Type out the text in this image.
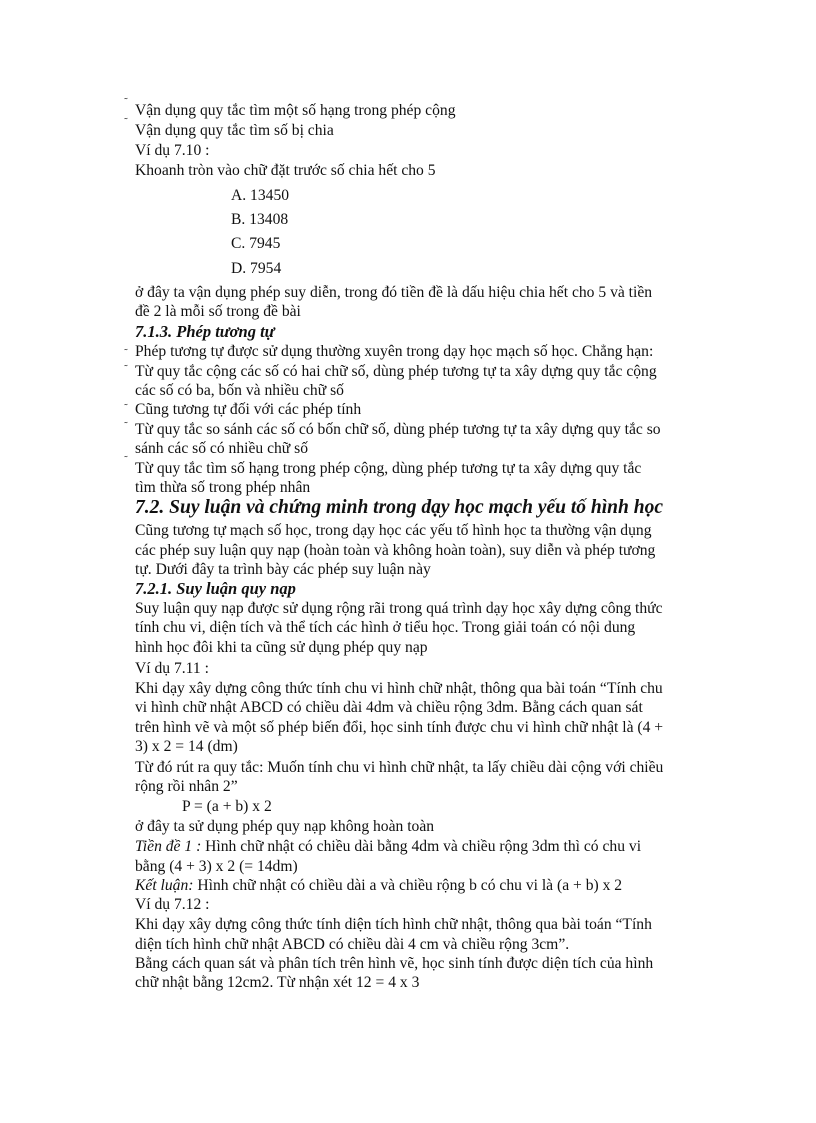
˜ Vận dụng quy tắc tìm một số hạng trong phép cộng
˜ Vận dụng quy tắc tìm số bị chia
Ví dụ 7.10 :
Khoanh tròn vào chữ đặt trước số chia hết cho 5
A. 13450
B. 13408
C. 7945
D. 7954
ở đây ta vận dụng phép suy diễn, trong đó tiền đề là dấu hiệu chia hết cho 5 và tiền
đề 2 là mỗi số trong đề bài
7.1.3. Phép tương tự
˜ Phép tương tự được sử dụng thường xuyên trong dạy học mạch số học. Chẳng hạn:
˜ Từ quy tắc cộng các số có hai chữ số, dùng phép tương tự ta xây dựng quy tắc cộng
các số có ba, bốn và nhiều chữ số
˜ Cũng tương tự đối với các phép tính
˜ Từ quy tắc so sánh các số có bốn chữ số, dùng phép tương tự ta xây dựng quy tắc so
sánh các số có nhiều chữ số
˜ Từ quy tắc tìm số hạng trong phép cộng, dùng phép tương tự ta xây dựng quy tắc
tìm thừa số trong phép nhân
7.2. Suy luận và chứng minh trong dạy học mạch yếu tố hình học
Cũng tương tự mạch số học, trong dạy học các yếu tố hình học ta thường vận dụng
các phép suy luận quy nạp (hoàn toàn và không hoàn toàn), suy diễn và phép tương
tự. Dưới đây ta trình bày các phép suy luận này
7.2.1. Suy luận quy nạp
Suy luận quy nạp được sử dụng rộng rãi trong quá trình dạy học xây dựng công thức
tính chu vi, diện tích và thể tích các hình ở tiểu học. Trong giải toán có nội dung
hình học đôi khi ta cũng sử dụng phép quy nạp
Ví dụ 7.11 :
Khi dạy xây dựng công thức tính chu vi hình chữ nhật, thông qua bài toán “Tính chu
vi hình chữ nhật ABCD có chiều dài 4dm và chiều rộng 3dm. Bằng cách quan sát
trên hình vẽ và một số phép biến đổi, học sinh tính được chu vi hình chữ nhật là (4 +
3) x 2 = 14 (dm)
Từ đó rút ra quy tắc: Muốn tính chu vi hình chữ nhật, ta lấy chiều dài cộng với chiều
rộng rồi nhân 2”
P = (a + b) x 2
ở đây ta sử dụng phép quy nạp không hoàn toàn
Tiền đề 1 : Hình chữ nhật có chiều dài bằng 4dm và chiều rộng 3dm thì có chu vi
bằng (4 + 3) x 2 (= 14dm)
Kết luận: Hình chữ nhật có chiều dài a và chiều rộng b có chu vi là (a + b) x 2
Ví dụ 7.12 :
Khi dạy xây dựng công thức tính diện tích hình chữ nhật, thông qua bài toán “Tính
diện tích hình chữ nhật ABCD có chiều dài 4 cm và chiều rộng 3cm”.
Bằng cách quan sát và phân tích trên hình vẽ, học sinh tính được diện tích của hình
chữ nhật bằng 12cm2. Từ nhận xét 12 = 4 x 3
